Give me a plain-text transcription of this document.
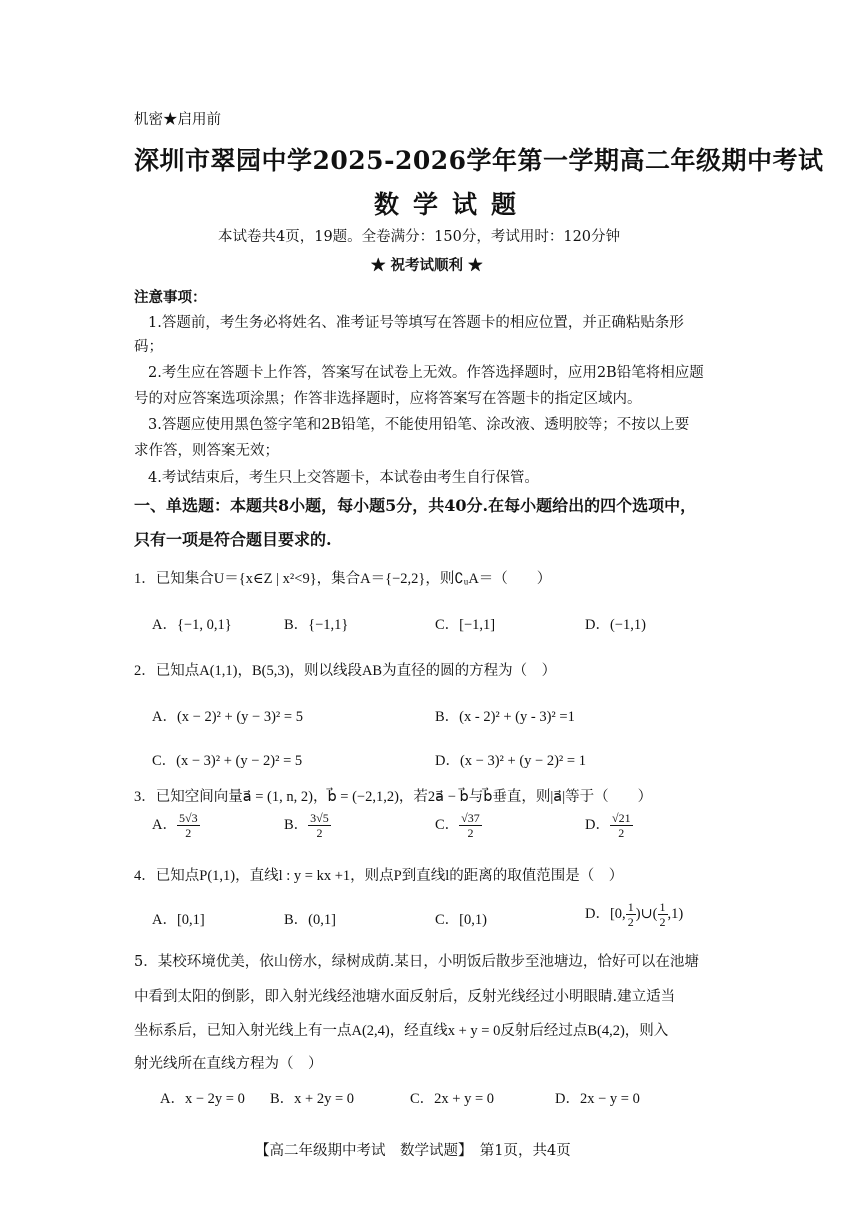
机密★启用前
深圳市翠园中学2025-2026学年第一学期高二年级期中考试
数学试题
本试卷共4页，19题。全卷满分：150分，考试用时：120分钟
★ 祝考试顺利 ★
注意事项：
1.答题前，考生务必将姓名、准考证号等填写在答题卡的相应位置，并正确粘贴条形
码；
2.考生应在答题卡上作答，答案写在试卷上无效。作答选择题时，应用2B铅笔将相应题
号的对应答案选项涂黑；作答非选择题时，应将答案写在答题卡的指定区域内。
3.答题应使用黑色签字笔和2B铅笔，不能使用铅笔、涂改液、透明胶等；不按以上要
求作答，则答案无效；
4.考试结束后，考生只上交答题卡，本试卷由考生自行保管。
一、单选题：本题共8小题，每小题5分，共40分.在每小题给出的四个选项中，
只有一项是符合题目要求的.
1．已知集合U＝{x∈Z | x²<9}，集合A＝{−2,2}，则∁ᵤA＝（　　）
A．{−1, 0,1}	B．{−1,1}	C．[−1,1]	D．(−1,1)
2．已知点A(1,1)，B(5,3)，则以线段AB为直径的圆的方程为（　）
A．(x − 2)² + (y − 3)² = 5	B．(x - 2)² + (y - 3)² =1
C．(x − 3)² + (y − 2)² = 5	D．(x − 3)² + (y − 2)² = 1
3．已知空间向量a⃗ = (1, n, 2)，b⃗ = (−2,1,2)，若2a⃗ − b⃗与b⃗垂直，则|a⃗|等于（　　）
A． $\frac{5√3}{2}$	B． $\frac{3√5}{2}$	C． $\frac{√37}{2}$	D． $\frac{√21}{2}$
4．已知点P(1,1)，直线l : y = kx +1，则点P到直线l的距离的取值范围是（　）
A．[0,1]	B．(0,1]	C．[0,1)	D．[0, $\frac{1}{2}$ )∪( $\frac{1}{2} ,1$)
5．某校环境优美，依山傍水，绿树成荫.某日，小明饭后散步至池塘边，恰好可以在池塘
中看到太阳的倒影，即入射光线经池塘水面反射后，反射光线经过小明眼睛.建立适当
坐标系后，已知入射光线上有一点A(2,4)，经直线x + y = 0反射后经过点B(4,2)，则入
射光线所在直线方程为（　）
A．x − 2y = 0 B．x + 2y = 0	C．2x + y = 0	D．2x − y = 0
【高二年级期中考试　数学试题】　第1页，共4页
